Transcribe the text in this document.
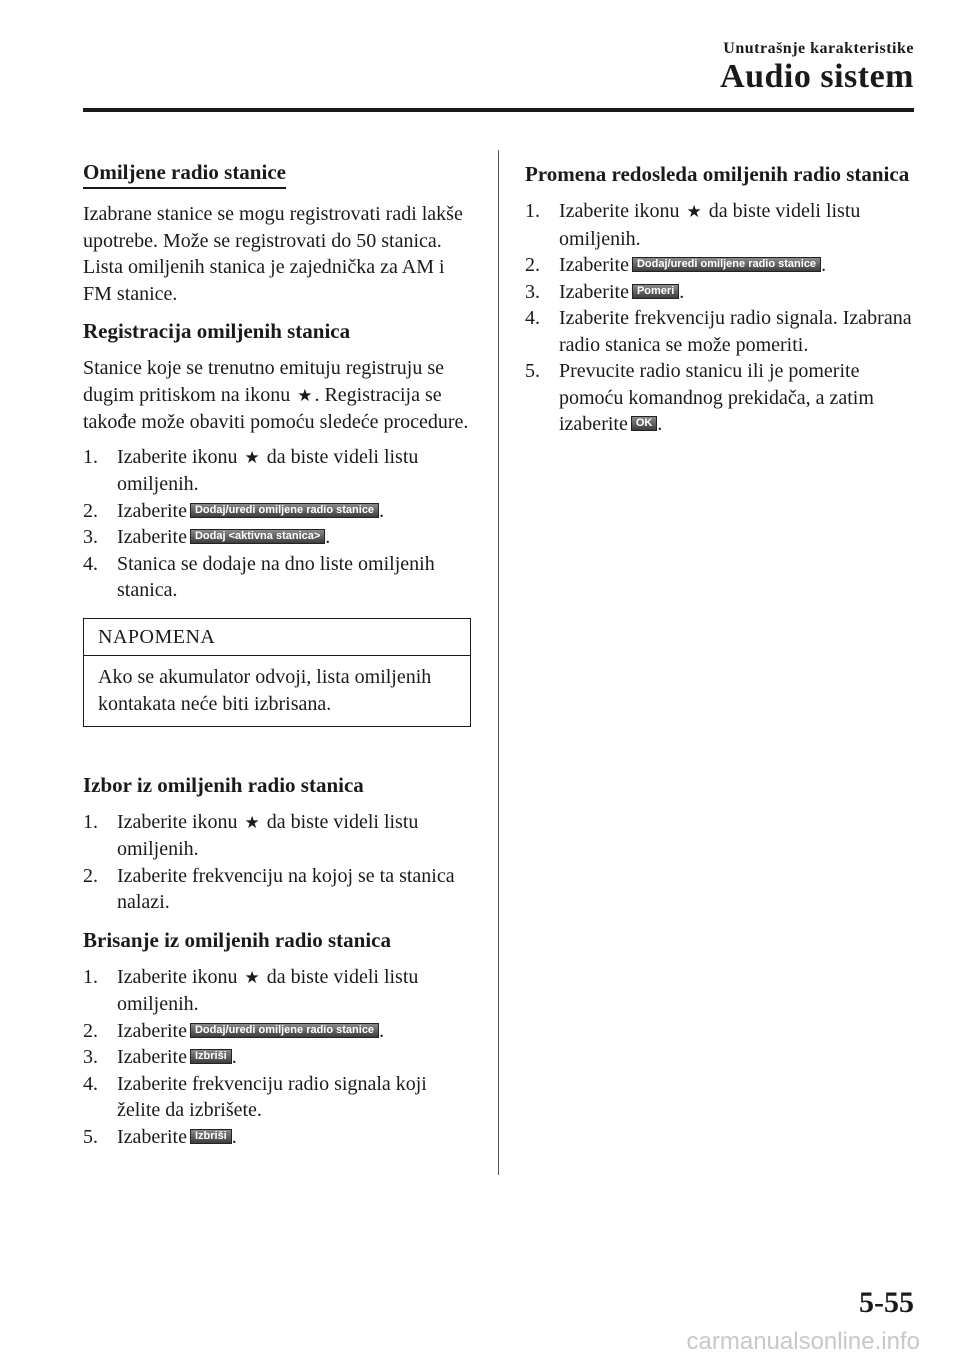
Unutrašnje karakteristike
Audio sistem
Omiljene radio stanice

Izabrane stanice se mogu registrovati radi lakše upotrebe. Može se registrovati do 50 stanica. Lista omiljenih stanica je zajednička za AM i FM stanice.

Registracija omiljenih stanica

Stanice koje se trenutno emituju registruju se dugim pritiskom na ikonu ★ . Registracija se takođe može obaviti pomoću sledeće procedure.

1. Izaberite ikonu ★ da biste videli listu omiljenih.
2. Izaberite Dodaj/uredi omiljene radio stanice .
3. Izaberite Dodaj <aktivna stanica> .
4. Stanica se dodaje na dno liste omiljenih stanica.
NAPOMENA
Ako se akumulator odvoji, lista omiljenih kontakata neće biti izbrisana.
Izbor iz omiljenih radio stanica
1. Izaberite ikonu ★ da biste videli listu omiljenih.
2. Izaberite frekvenciju na kojoj se ta stanica nalazi.
Brisanje iz omiljenih radio stanica
1. Izaberite ikonu ★ da biste videli listu omiljenih.
2. Izaberite Dodaj/uredi omiljene radio stanice .
3. Izaberite Izbriši .
4. Izaberite frekvenciju radio signala koji želite da izbrišete.
5. Izaberite Izbriši .
Promena redosleda omiljenih radio stanica
1. Izaberite ikonu ★ da biste videli listu omiljenih.
2. Izaberite Dodaj/uredi omiljene radio stanice .
3. Izaberite Pomeri .
4. Izaberite frekvenciju radio signala. Izabrana radio stanica se može pomeriti.
5. Prevucite radio stanicu ili je pomerite pomoću komandnog prekidača, a zatim izaberite OK .
5-55
carmanualsonline.info
